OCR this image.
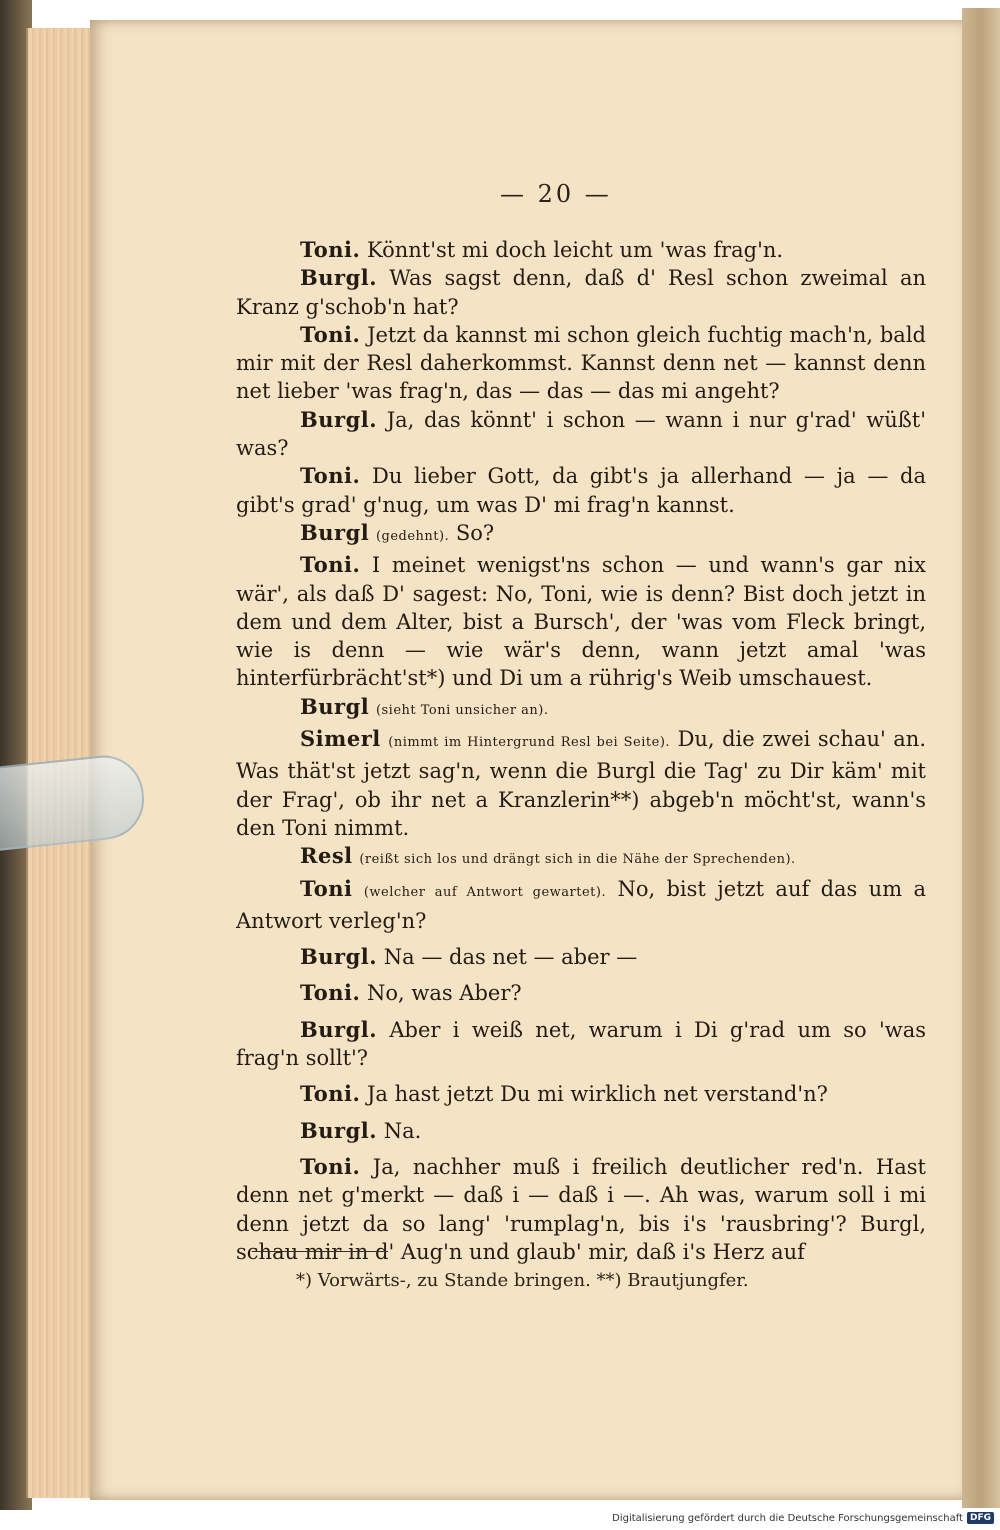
— 20 —

Toni. Könnt'st mi doch leicht um 'was frag'n.

Burgl. Was sagst denn, daß d' Resl schon zweimal an Kranz g'schob'n hat?

Toni. Jetzt da kannst mi schon gleich fuchtig mach'n, bald mir mit der Resl daherkommst. Kannst denn net — kannst denn net lieber 'was frag'n, das — das — das mi angeht?

Burgl. Ja, das könnt' i schon — wann i nur g'rad' wüßt' was?

Toni. Du lieber Gott, da gibt's ja allerhand — ja — da gibt's grad' g'nug, um was D' mi frag'n kannst.

Burgl (gedehnt). So?

Toni. I meinet wenigst'ns schon — und wann's gar nix wär', als daß D' sagest: No, Toni, wie is denn? Bist doch jetzt in dem und dem Alter, bist a Bursch', der 'was vom Fleck bringt, wie is denn — wie wär's denn, wann jetzt amal 'was hinterfürbrächt'st*) und Di um a rührig's Weib umschauest.

Burgl (sieht Toni unsicher an).

Simerl (nimmt im Hintergrund Resl bei Seite). Du, die zwei schau' an. Was thät'st jetzt sag'n, wenn die Burgl die Tag' zu Dir käm' mit der Frag', ob ihr net a Kranzlerin**) abgeb'n möcht'st, wann's den Toni nimmt.

Resl (reißt sich los und drängt sich in die Nähe der Sprechenden).

Toni (welcher auf Antwort gewartet). No, bist jetzt auf das um a Antwort verleg'n?

Burgl. Na — das net — aber —

Toni. No, was Aber?

Burgl. Aber i weiß net, warum i Di g'rad um so 'was frag'n sollt'?

Toni. Ja hast jetzt Du mi wirklich net verstand'n?

Burgl. Na.

Toni. Ja, nachher muß i freilich deutlicher red'n. Hast denn net g'merkt — daß i — daß i —. Ah was, warum soll i mi denn jetzt da so lang' 'rumplag'n, bis i's 'rausbring'? Burgl, schau mir in d' Aug'n und glaub' mir, daß i's Herz auf

*) Vorwärts-, zu Stande bringen. **) Brautjungfer.
Digitalisierung gefördert durch die Deutsche Forschungsgemeinschaft DFG
